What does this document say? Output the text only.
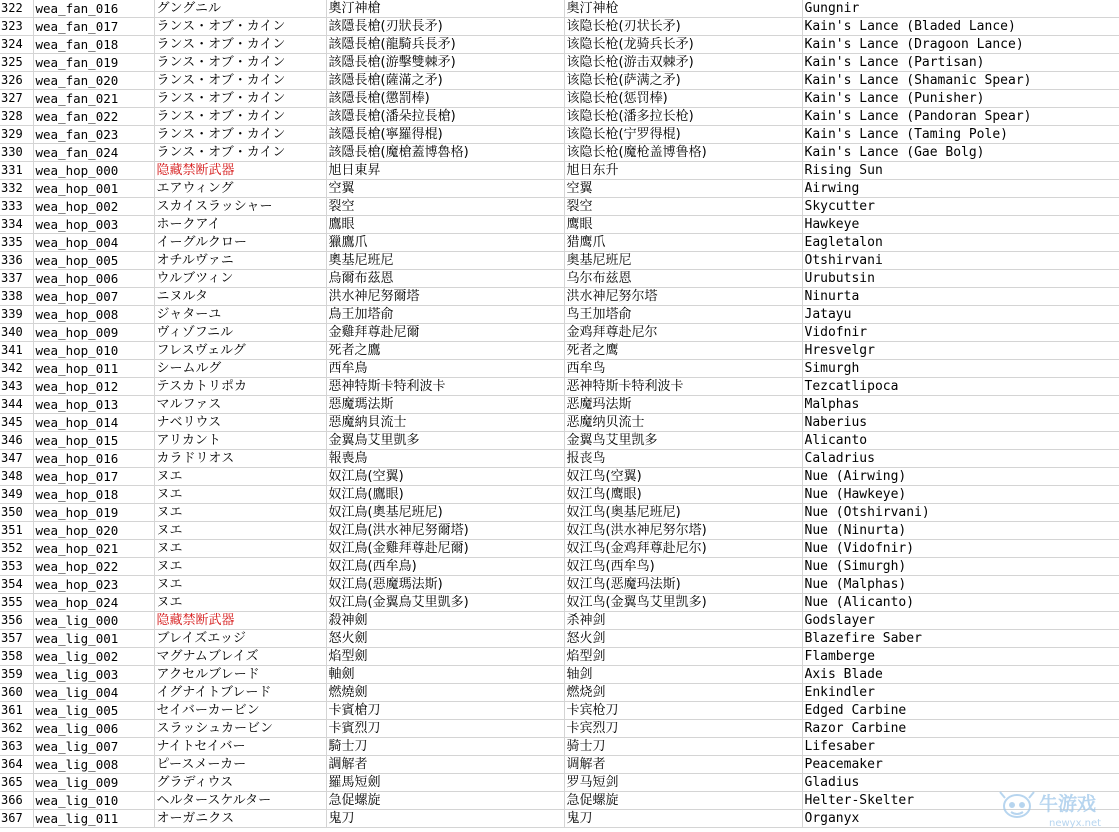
322	wea_fan_016	グングニル	奧汀神槍	奥汀神枪	Gungnir
323	wea_fan_017	ランス・オブ・カイン	該隱長槍(刃狀長矛)	该隐长枪(刃状长矛)	Kain's Lance (Bladed Lance)
324	wea_fan_018	ランス・オブ・カイン	該隱長槍(龍騎兵長矛)	该隐长枪(龙骑兵长矛)	Kain's Lance (Dragoon Lance)
325	wea_fan_019	ランス・オブ・カイン	該隱長槍(游擊雙棘矛)	该隐长枪(游击双棘矛)	Kain's Lance (Partisan)
326	wea_fan_020	ランス・オブ・カイン	該隱長槍(薩滿之矛)	该隐长枪(萨满之矛)	Kain's Lance (Shamanic Spear)
327	wea_fan_021	ランス・オブ・カイン	該隱長槍(懲罰棒)	该隐长枪(惩罚棒)	Kain's Lance (Punisher)
328	wea_fan_022	ランス・オブ・カイン	該隱長槍(潘朵拉長槍)	该隐长枪(潘多拉长枪)	Kain's Lance (Pandoran Spear)
329	wea_fan_023	ランス・オブ・カイン	該隱長槍(寧羅得棍)	该隐长枪(宁罗得棍)	Kain's Lance (Taming Pole)
330	wea_fan_024	ランス・オブ・カイン	該隱長槍(魔槍蓋博魯格)	该隐长枪(魔枪盖博鲁格)	Kain's Lance (Gae Bolg)
331	wea_hop_000	隐藏禁断武器	旭日東昇	旭日东升	Rising Sun
332	wea_hop_001	エアウィング	空翼	空翼	Airwing
333	wea_hop_002	スカイスラッシャー	裂空	裂空	Skycutter
334	wea_hop_003	ホークアイ	鷹眼	鹰眼	Hawkeye
335	wea_hop_004	イーグルクロー	獵鷹爪	猎鹰爪	Eagletalon
336	wea_hop_005	オチルヴァニ	奧基尼班尼	奥基尼班尼	Otshirvani
337	wea_hop_006	ウルブツィン	烏爾布茲恩	乌尔布兹恩	Urubutsin
338	wea_hop_007	ニヌルタ	洪水神尼努爾塔	洪水神尼努尔塔	Ninurta
339	wea_hop_008	ジャターユ	鳥王加塔俞	鸟王加塔俞	Jatayu
340	wea_hop_009	ヴィゾフニル	金雞拜尊赴尼爾	金鸡拜尊赴尼尔	Vidofnir
341	wea_hop_010	フレスヴェルグ	死者之鷹	死者之鹰	Hresvelgr
342	wea_hop_011	シームルグ	西牟鳥	西牟鸟	Simurgh
343	wea_hop_012	テスカトリポカ	惡神特斯卡特利波卡	恶神特斯卡特利波卡	Tezcatlipoca
344	wea_hop_013	マルファス	惡魔瑪法斯	恶魔玛法斯	Malphas
345	wea_hop_014	ナベリウス	惡魔納貝流士	恶魔纳贝流士	Naberius
346	wea_hop_015	アリカント	金翼鳥艾里凱多	金翼鸟艾里凯多	Alicanto
347	wea_hop_016	カラドリオス	報喪鳥	报丧鸟	Caladrius
348	wea_hop_017	ヌエ	奴江鳥(空翼)	奴江鸟(空翼)	Nue (Airwing)
349	wea_hop_018	ヌエ	奴江鳥(鷹眼)	奴江鸟(鹰眼)	Nue (Hawkeye)
350	wea_hop_019	ヌエ	奴江鳥(奧基尼班尼)	奴江鸟(奥基尼班尼)	Nue (Otshirvani)
351	wea_hop_020	ヌエ	奴江鳥(洪水神尼努爾塔)	奴江鸟(洪水神尼努尔塔)	Nue (Ninurta)
352	wea_hop_021	ヌエ	奴江鳥(金雞拜尊赴尼爾)	奴江鸟(金鸡拜尊赴尼尔)	Nue (Vidofnir)
353	wea_hop_022	ヌエ	奴江鳥(西牟鳥)	奴江鸟(西牟鸟)	Nue (Simurgh)
354	wea_hop_023	ヌエ	奴江鳥(惡魔瑪法斯)	奴江鸟(恶魔玛法斯)	Nue (Malphas)
355	wea_hop_024	ヌエ	奴江鳥(金翼鳥艾里凱多)	奴江鸟(金翼鸟艾里凯多)	Nue (Alicanto)
356	wea_lig_000	隐藏禁断武器	殺神劍	杀神剑	Godslayer
357	wea_lig_001	ブレイズエッジ	怒火劍	怒火剑	Blazefire Saber
358	wea_lig_002	マグナムブレイズ	焰型劍	焰型剑	Flamberge
359	wea_lig_003	アクセルブレード	軸劍	轴剑	Axis Blade
360	wea_lig_004	イグナイトブレード	燃燒劍	燃烧剑	Enkindler
361	wea_lig_005	セイバーカービン	卡賓槍刀	卡宾枪刀	Edged Carbine
362	wea_lig_006	スラッシュカービン	卡賓烈刀	卡宾烈刀	Razor Carbine
363	wea_lig_007	ナイトセイバー	騎士刀	骑士刀	Lifesaber
364	wea_lig_008	ピースメーカー	調解者	调解者	Peacemaker
365	wea_lig_009	グラディウス	羅馬短劍	罗马短剑	Gladius
366	wea_lig_010	ヘルタースケルター	急促螺旋	急促螺旋	Helter-Skelter
367	wea_lig_011	オーガニクス	鬼刀	鬼刀	Organyx
牛游戏
newyx.net
